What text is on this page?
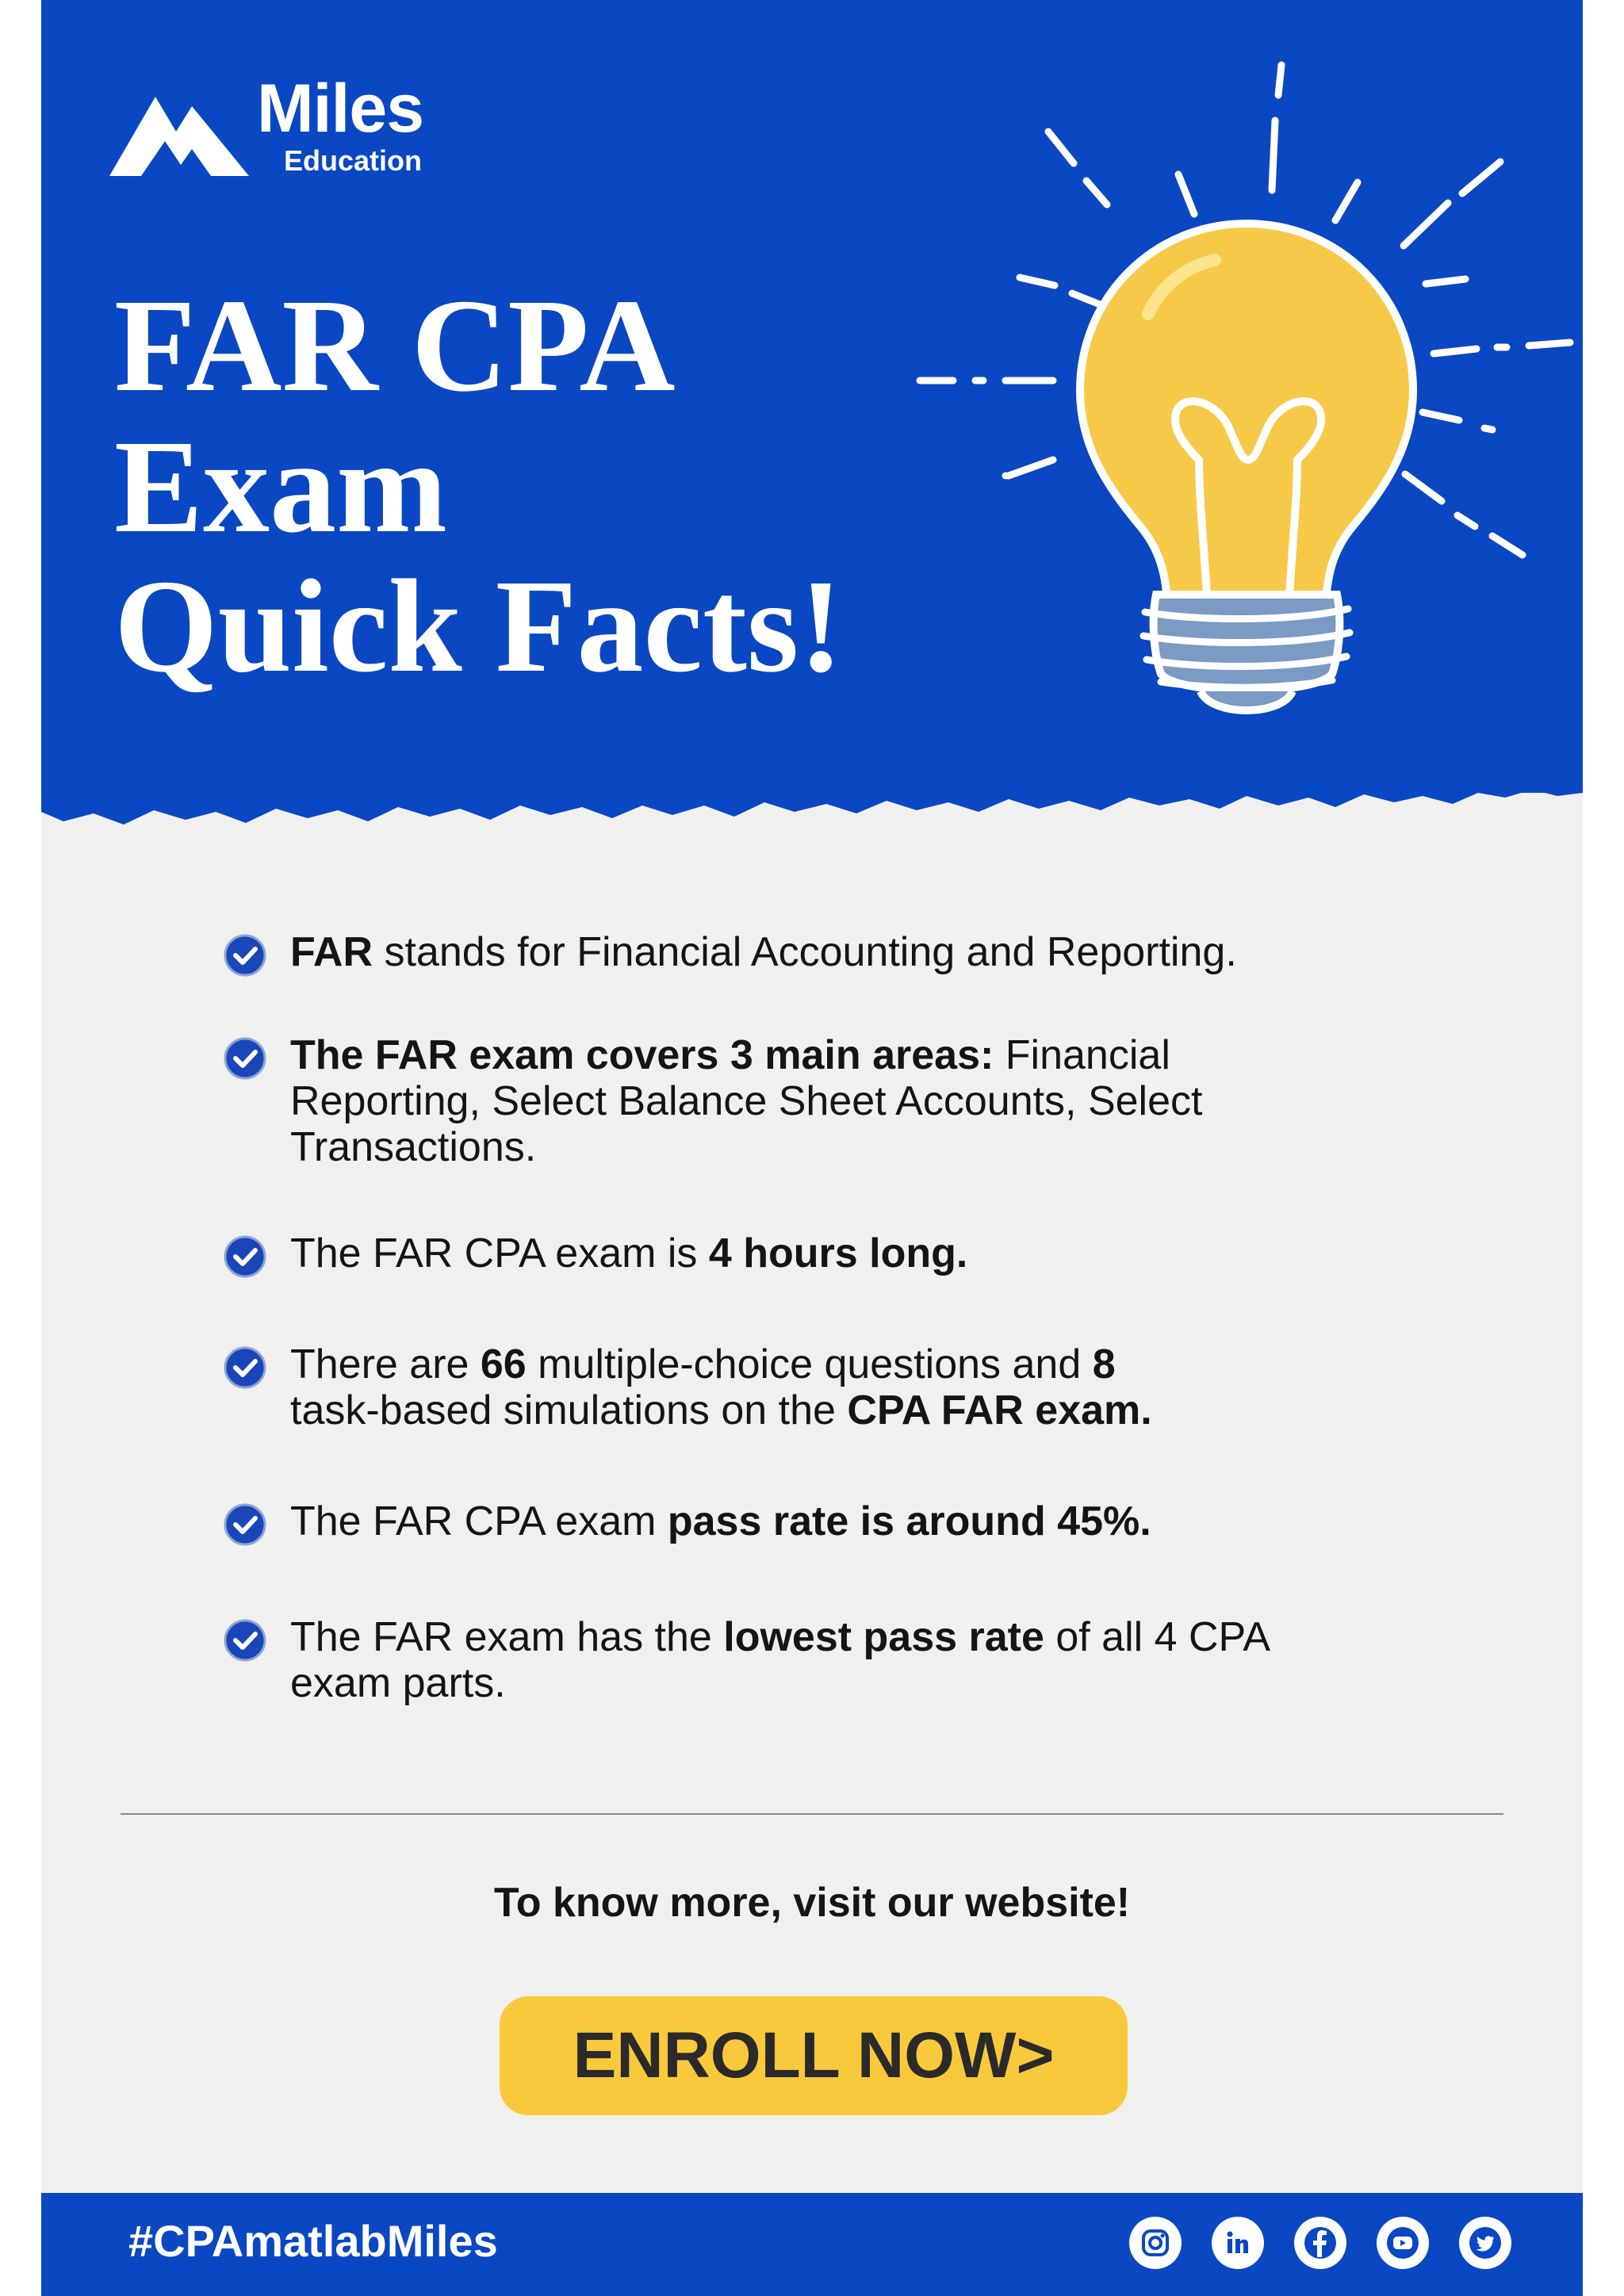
Miles
Education
FAR CPA
Exam
Quick Facts!
FAR stands for Financial Accounting and Reporting.
The FAR exam covers 3 main areas: Financial
Reporting, Select Balance Sheet Accounts, Select
Transactions.
The FAR CPA exam is 4 hours long.
There are 66 multiple-choice questions and 8
task-based simulations on the CPA FAR exam.
The FAR CPA exam pass rate is around 45%.
The FAR exam has the lowest pass rate of all 4 CPA
exam parts.
To know more, visit our website!
ENROLL NOW>
#CPAmatlabMiles
